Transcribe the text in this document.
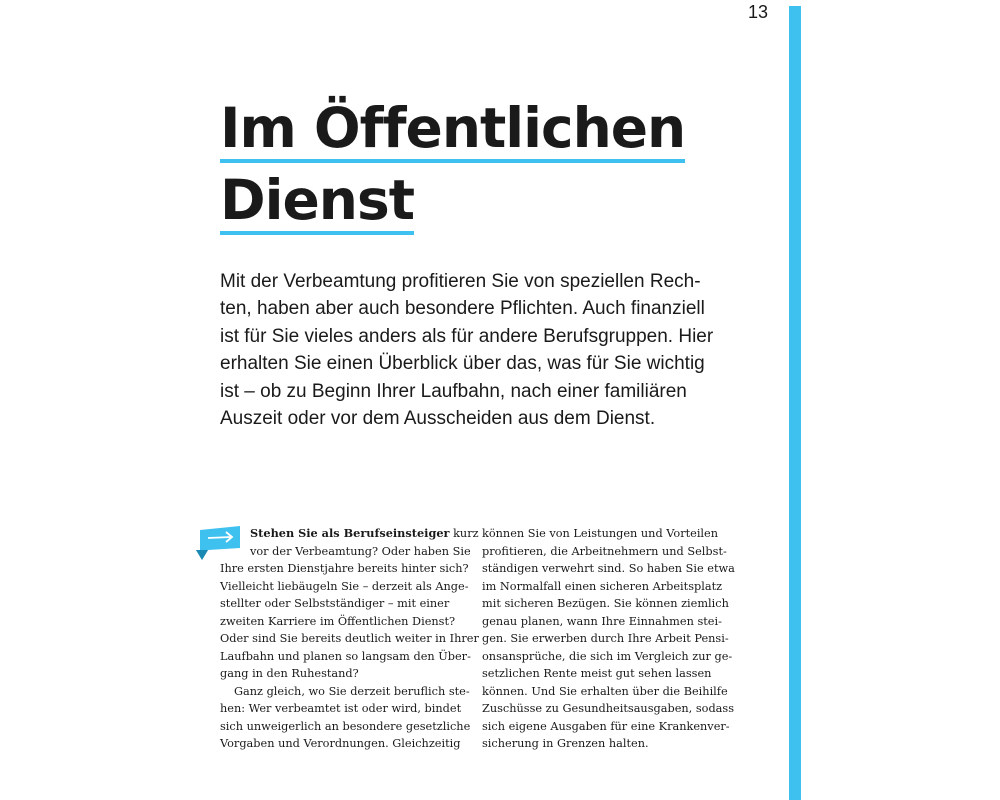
13
Im Öffentlichen
Dienst
Mit der Verbeamtung profitieren Sie von speziellen Rech-
ten, haben aber auch besondere Pflichten. Auch finanziell
ist für Sie vieles anders als für andere Berufsgruppen. Hier
erhalten Sie einen Überblick über das, was für Sie wichtig
ist – ob zu Beginn Ihrer Laufbahn, nach einer familiären
Auszeit oder vor dem Ausscheiden aus dem Dienst.
Stehen Sie als Berufseinsteiger kurz
vor der Verbeamtung? Oder haben Sie
Ihre ersten Dienstjahre bereits hinter sich?
Vielleicht liebäugeln Sie – derzeit als Ange-
stellter oder Selbstständiger – mit einer
zweiten Karriere im Öffentlichen Dienst?
Oder sind Sie bereits deutlich weiter in Ihrer
Laufbahn und planen so langsam den Über-
gang in den Ruhestand?
Ganz gleich, wo Sie derzeit beruflich ste-
hen: Wer verbeamtet ist oder wird, bindet
sich unweigerlich an besondere gesetzliche
Vorgaben und Verordnungen. Gleichzeitig
können Sie von Leistungen und Vorteilen
profitieren, die Arbeitnehmern und Selbst-
ständigen verwehrt sind. So haben Sie etwa
im Normalfall einen sicheren Arbeitsplatz
mit sicheren Bezügen. Sie können ziemlich
genau planen, wann Ihre Einnahmen stei-
gen. Sie erwerben durch Ihre Arbeit Pensi-
onsansprüche, die sich im Vergleich zur ge-
setzlichen Rente meist gut sehen lassen
können. Und Sie erhalten über die Beihilfe
Zuschüsse zu Gesundheitsausgaben, sodass
sich eigene Ausgaben für eine Krankenver-
sicherung in Grenzen halten.
